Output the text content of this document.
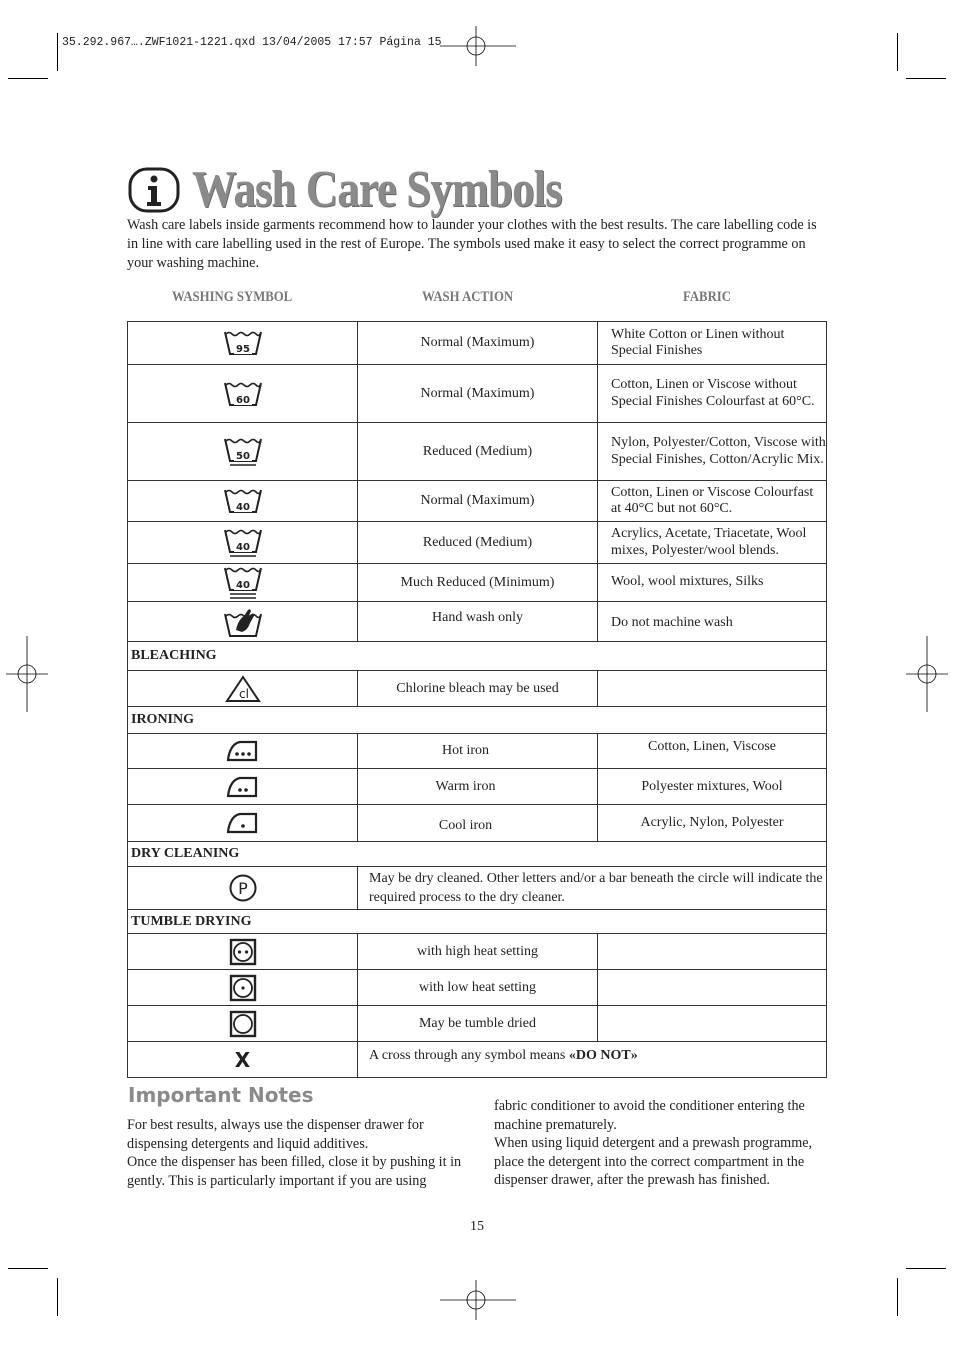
35.292.967….ZWF1021-1221.qxd 13/04/2005 17:57 Página 15
Wash Care Symbols
Wash care labels inside garments recommend how to launder your clothes with the best results. The care labelling code is in line with care labelling used in the rest of Europe. The symbols used make it easy to select the correct programme on your washing machine.
WASHING SYMBOL	WASH ACTION	FABRIC
95	Normal (Maximum)	White Cotton or Linen without Special Finishes

60	Normal (Maximum)	Cotton, Linen or Viscose without Special Finishes Colourfast at 60°C.

50	Reduced (Medium)	Nylon, Polyester/Cotton, Viscose with Special Finishes, Cotton/Acrylic Mix.

40	Normal (Maximum)	Cotton, Linen or Viscose Colourfast at 40°C but not 60°C.

40	Reduced (Medium)	Acrylics, Acetate, Triacetate, Wool mixes, Polyester/wool blends.

40	Much Reduced (Minimum)	Wool, wool mixtures, Silks

	Hand wash only	Do not machine wash
BLEACHING		

cl	Chlorine bleach may be used	
IRONING		

	Hot iron	Cotton, Linen, Viscose

	Warm iron	Polyester mixtures, Wool

	Cool iron	Acrylic, Nylon, Polyester
DRY CLEANING		

P	May be dry cleaned. Other letters and/or a bar beneath the circle will indicate the required process to the dry cleaner.	
TUMBLE DRYING		

	with high heat setting	

	with low heat setting	

	May be tumble dried	
X	A cross through any symbol means «DO NOT»	
Important Notes
For best results, always use the dispenser drawer for dispensing detergents and liquid additives.
Once the dispenser has been filled, close it by pushing it in gently. This is particularly important if you are using
fabric conditioner to avoid the conditioner entering the machine prematurely.
When using liquid detergent and a prewash programme, place the detergent into the correct compartment in the dispenser drawer, after the prewash has finished.
15
